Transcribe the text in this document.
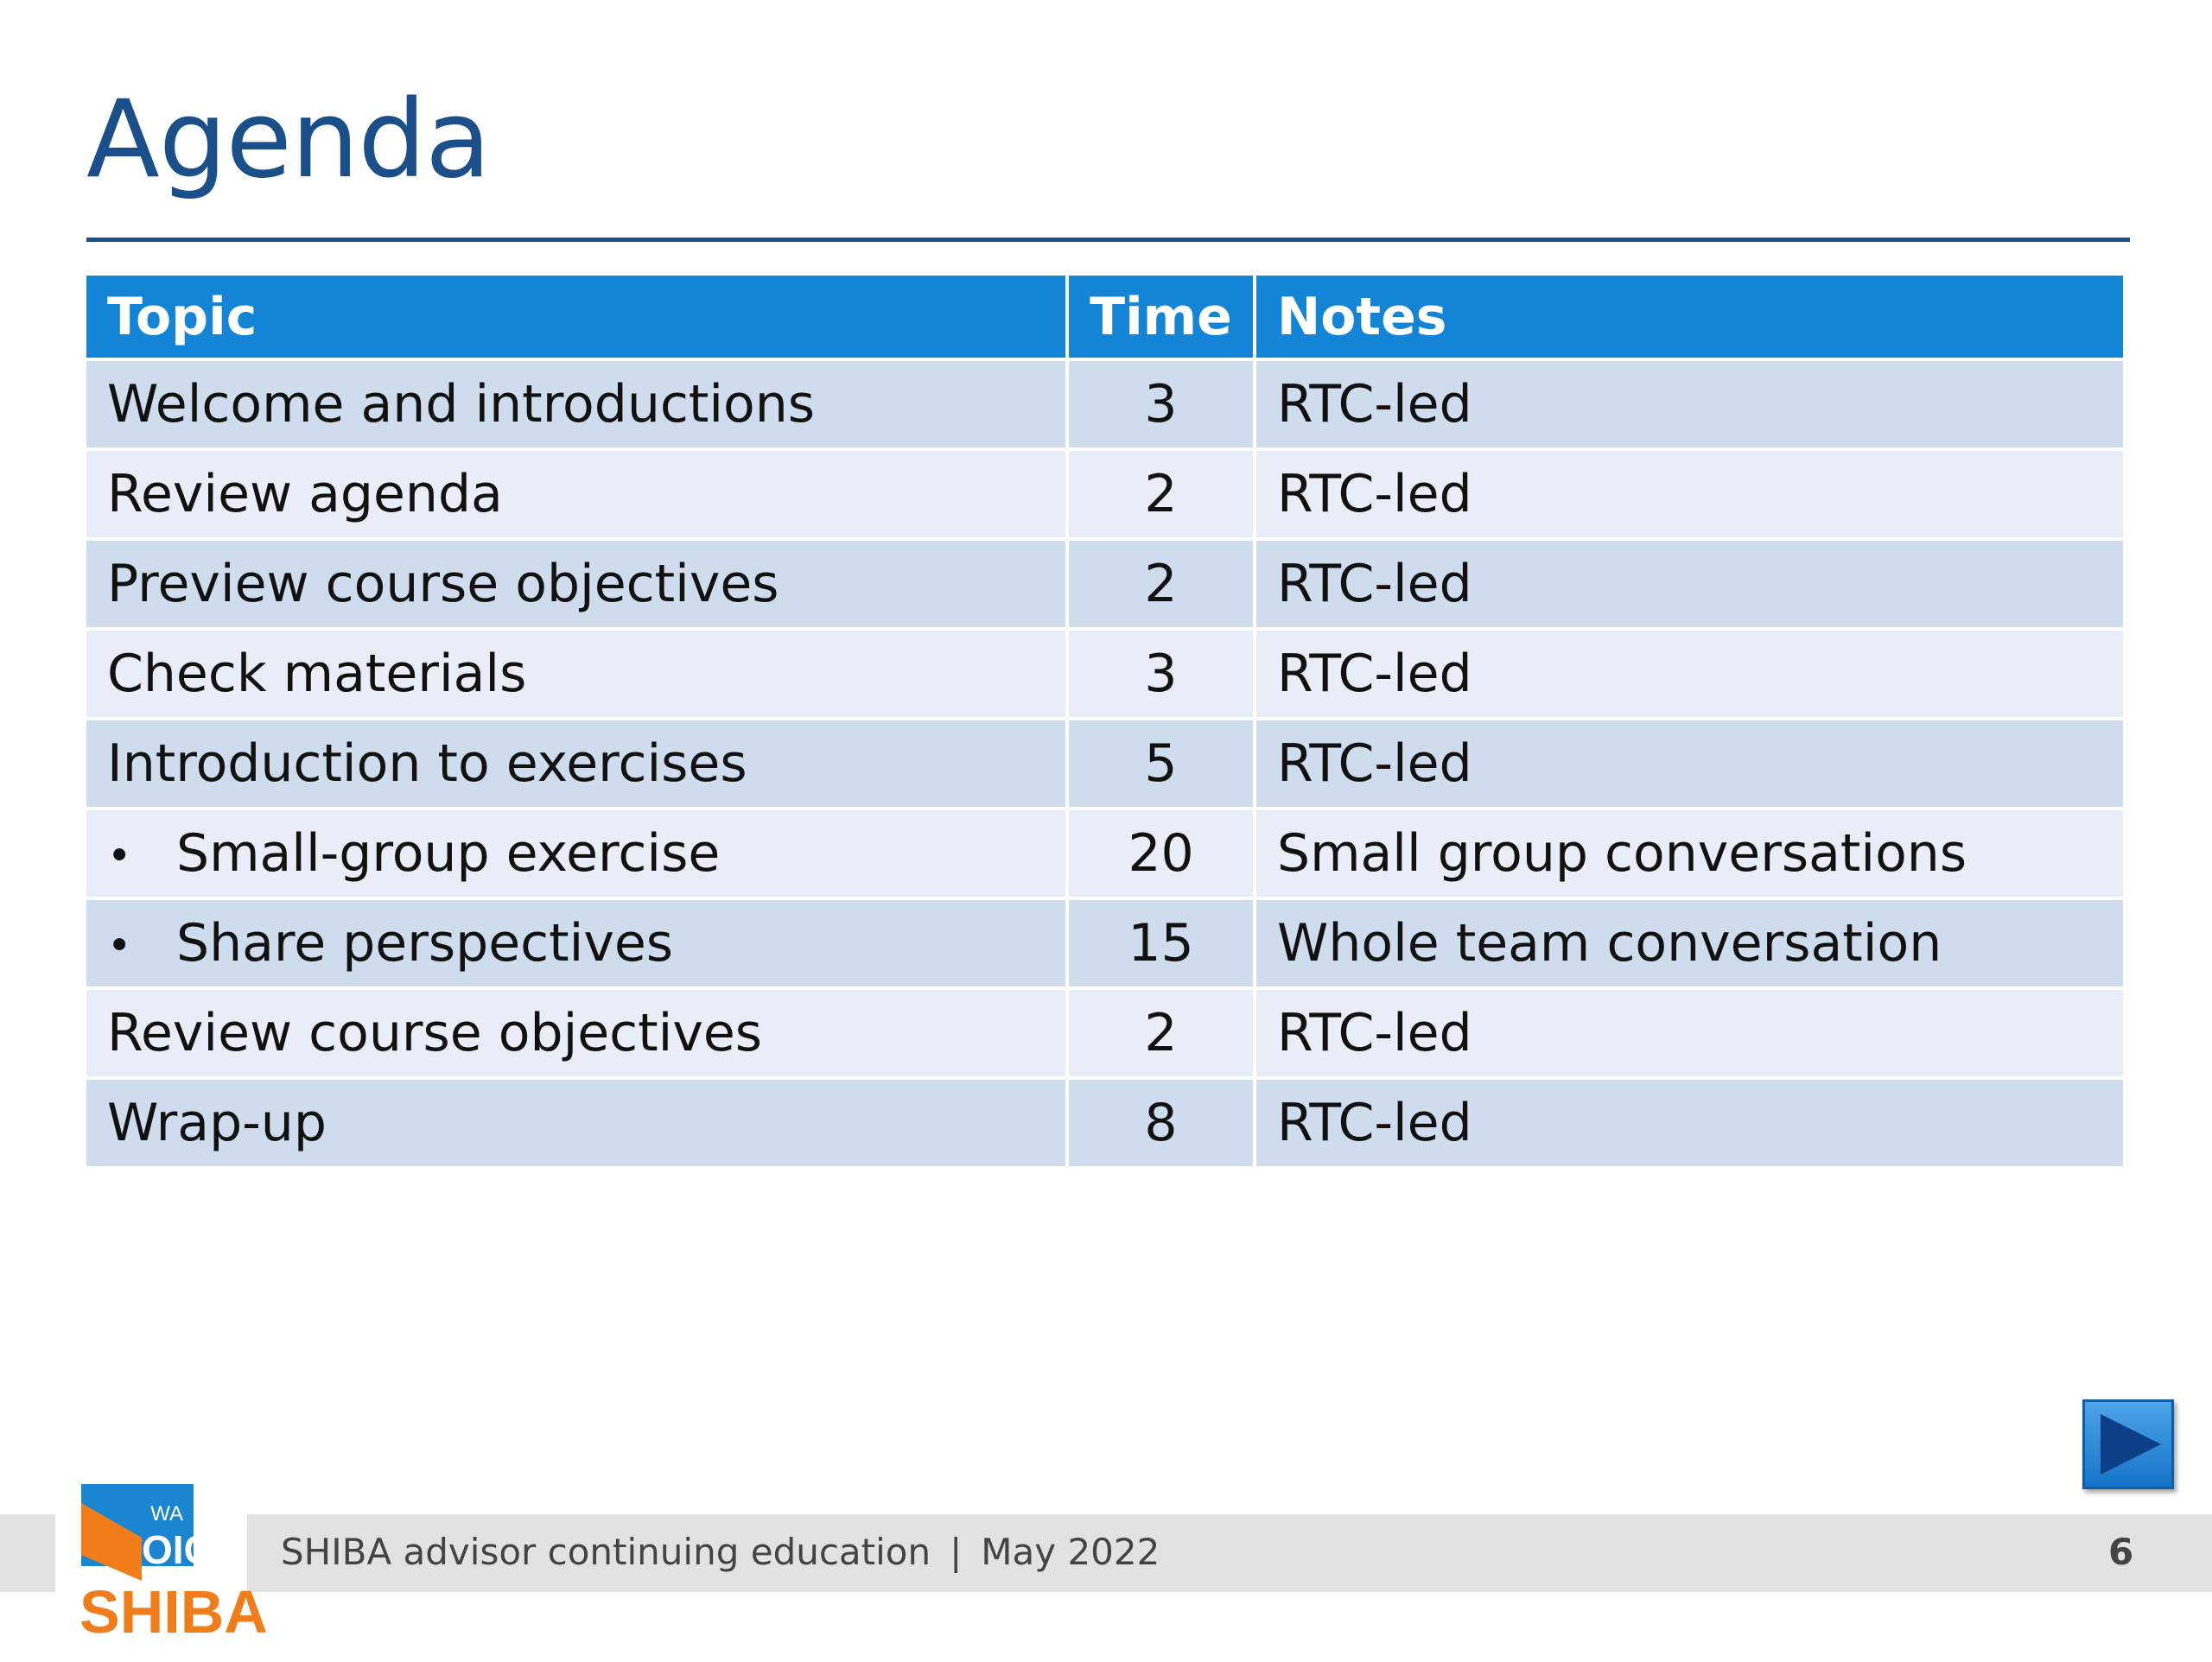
Agenda
Topic	Time	Notes
Welcome and introductions	3	RTC-led
Review agenda	2	RTC-led
Preview course objectives	2	RTC-led
Check materials	3	RTC-led
Introduction to exercises	5	RTC-led
• Small-group exercise	20	Small group conversations
• Share perspectives	15	Whole team conversation
Review course objectives	2	RTC-led
Wrap-up	8	RTC-led
WA
OIC
SHIBA
SHIBA advisor continuing education | May 2022	6
